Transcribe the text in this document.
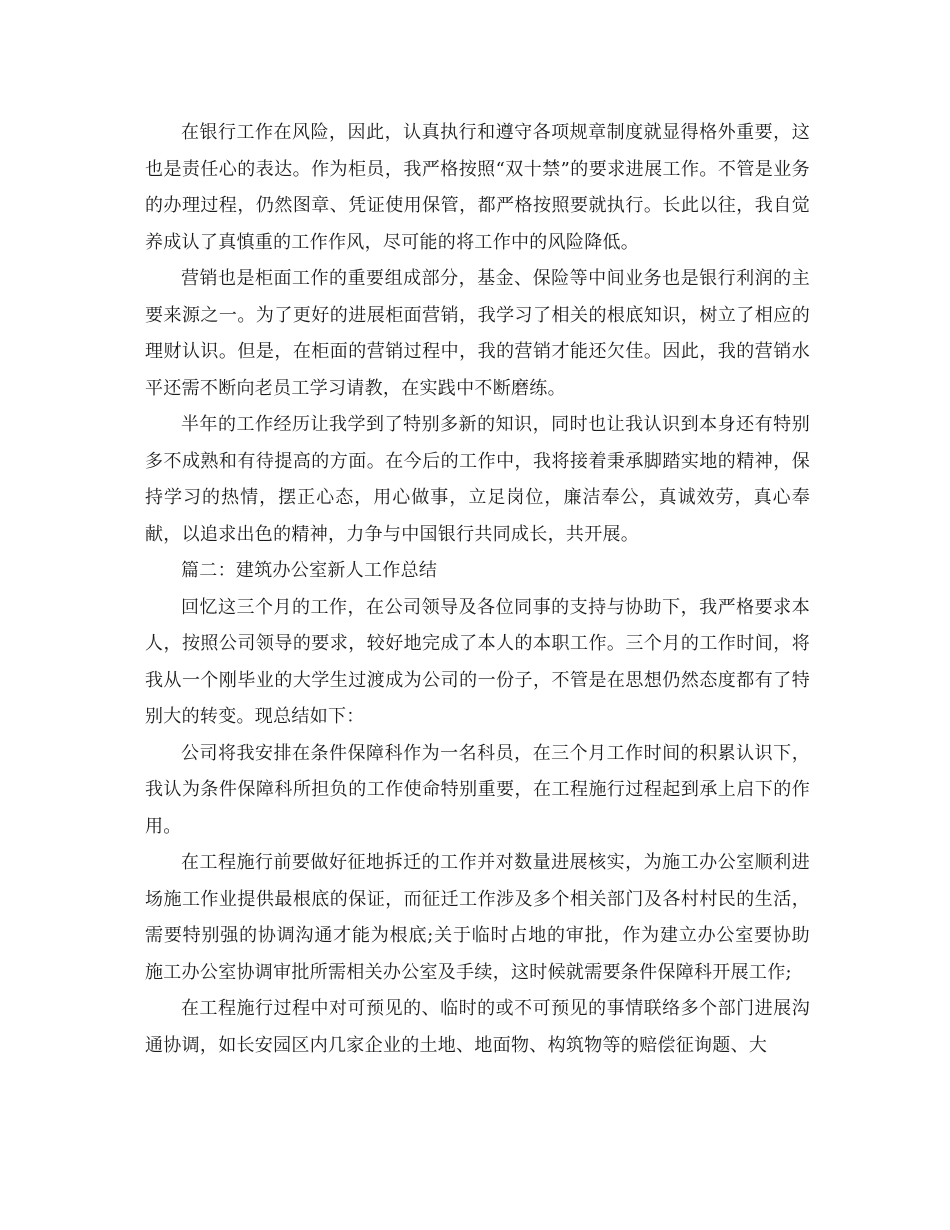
在银行工作在风险，因此，认真执行和遵守各项规章制度就显得格外重要，这也是责任心的表达。作为柜员，我严格按照“双十禁”的要求进展工作。不管是业务的办理过程，仍然图章、凭证使用保管，都严格按照要就执行。长此以往，我自觉养成认了真慎重的工作作风，尽可能的将工作中的风险降低。

营销也是柜面工作的重要组成部分，基金、保险等中间业务也是银行利润的主要来源之一。为了更好的进展柜面营销，我学习了相关的根底知识，树立了相应的理财认识。但是，在柜面的营销过程中，我的营销才能还欠佳。因此，我的营销水平还需不断向老员工学习请教，在实践中不断磨练。

半年的工作经历让我学到了特别多新的知识，同时也让我认识到本身还有特别多不成熟和有待提高的方面。在今后的工作中，我将接着秉承脚踏实地的精神，保持学习的热情，摆正心态，用心做事，立足岗位，廉洁奉公，真诚效劳，真心奉献，以追求出色的精神，力争与中国银行共同成长，共开展。

篇二：建筑办公室新人工作总结

回忆这三个月的工作，在公司领导及各位同事的支持与协助下，我严格要求本人，按照公司领导的要求，较好地完成了本人的本职工作。三个月的工作时间，将我从一个刚毕业的大学生过渡成为公司的一份子，不管是在思想仍然态度都有了特别大的转变。现总结如下：

公司将我安排在条件保障科作为一名科员，在三个月工作时间的积累认识下，我认为条件保障科所担负的工作使命特别重要，在工程施行过程起到承上启下的作用。

在工程施行前要做好征地拆迁的工作并对数量进展核实，为施工办公室顺利进场施工作业提供最根底的保证，而征迁工作涉及多个相关部门及各村村民的生活，需要特别强的协调沟通才能为根底;关于临时占地的审批，作为建立办公室要协助施工办公室协调审批所需相关办公室及手续，这时候就需要条件保障科开展工作;

在工程施行过程中对可预见的、临时的或不可预见的事情联络多个部门进展沟通协调，如长安园区内几家企业的土地、地面物、构筑物等的赔偿征询题、大
